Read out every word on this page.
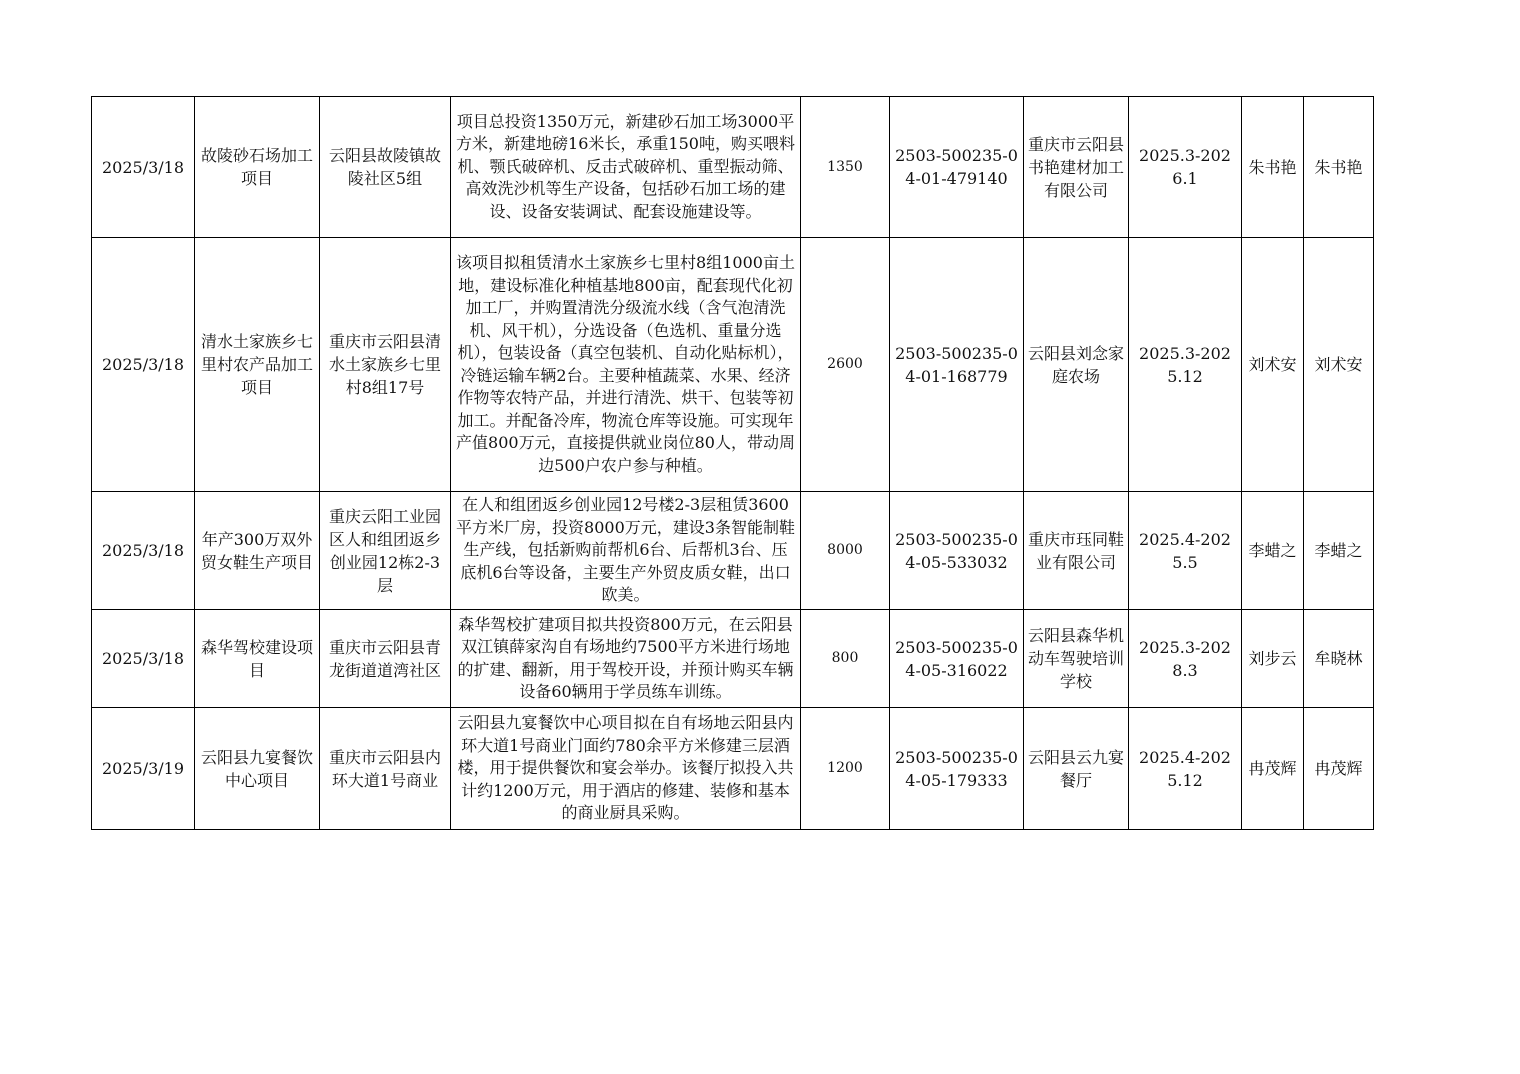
2025/3/18	故陵砂石场加工项目	云阳县故陵镇故陵社区5组	项目总投资1350万元，新建砂石加工场3000平方米，新建地磅16米长，承重150吨，购买喂料机、颚氏破碎机、反击式破碎机、重型振动筛、高效洗沙机等生产设备，包括砂石加工场的建设、设备安装调试、配套设施建设等。	1350	2503-500235-04-01-479140	重庆市云阳县书艳建材加工有限公司	2025.3-2026.1	朱书艳	朱书艳
2025/3/18	清水土家族乡七里村农产品加工项目	重庆市云阳县清水土家族乡七里村8组17号	该项目拟租赁清水土家族乡七里村8组1000亩土地，建设标准化种植基地800亩，配套现代化初加工厂，并购置清洗分级流水线（含气泡清洗机、风干机），分选设备（色选机、重量分选机），包装设备（真空包装机、自动化贴标机），冷链运输车辆2台。主要种植蔬菜、水果、经济作物等农特产品，并进行清洗、烘干、包装等初加工。并配备冷库，物流仓库等设施。可实现年产值800万元，直接提供就业岗位80人，带动周边500户农户参与种植。	2600	2503-500235-04-01-168779	云阳县刘念家庭农场	2025.3-2025.12	刘术安	刘术安
2025/3/18	年产300万双外贸女鞋生产项目	重庆云阳工业园区人和组团返乡创业园12栋2-3层	在人和组团返乡创业园12号楼2-3层租赁3600平方米厂房，投资8000万元，建设3条智能制鞋生产线，包括新购前帮机6台、后帮机3台、压底机6台等设备，主要生产外贸皮质女鞋，出口欧美。	8000	2503-500235-04-05-533032	重庆市珏同鞋业有限公司	2025.4-2025.5	李蜡之	李蜡之
2025/3/18	森华驾校建设项目	重庆市云阳县青龙街道道湾社区	森华驾校扩建项目拟共投资800万元，在云阳县双江镇薛家沟自有场地约7500平方米进行场地的扩建、翻新，用于驾校开设，并预计购买车辆设备60辆用于学员练车训练。	800	2503-500235-04-05-316022	云阳县森华机动车驾驶培训学校	2025.3-2028.3	刘步云	牟晓林
2025/3/19	云阳县九宴餐饮中心项目	重庆市云阳县内环大道1号商业	云阳县九宴餐饮中心项目拟在自有场地云阳县内环大道1号商业门面约780余平方米修建三层酒楼，用于提供餐饮和宴会举办。该餐厅拟投入共计约1200万元，用于酒店的修建、装修和基本的商业厨具采购。	1200	2503-500235-04-05-179333	云阳县云九宴餐厅	2025.4-2025.12	冉茂辉	冉茂辉
